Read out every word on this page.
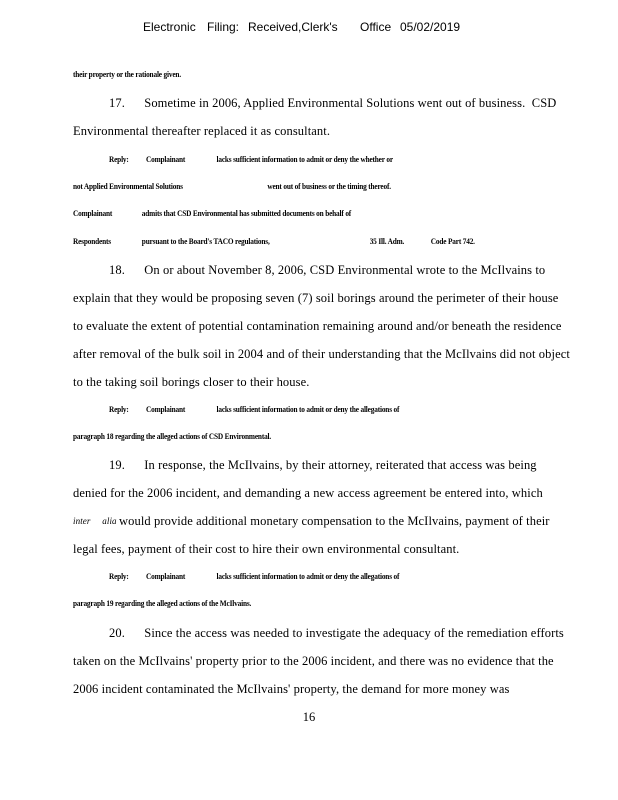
Electronic Filing: Received,Clerk's Office 05/02/2019
their property or the rationale given.
17.      Sometime in 2006, Applied Environmental Solutions went out of business.  CSD
Environmental thereafter replaced it as consultant.
Reply: Complainant	lacks sufficient information to admit or deny the whether or
not Applied Environmental Solutions	went out of business or the timing thereof.
Complainant	admits that CSD Environmental has submitted documents on behalf of
Respondents	pursuant to the Board's TACO regulations,	35 Ill. Adm.	Code Part 742.
18.      On or about November 8, 2006, CSD Environmental wrote to the McIlvains to
explain that they would be proposing seven (7) soil borings around the perimeter of their house
to evaluate the extent of potential contamination remaining around and/or beneath the residence
after removal of the bulk soil in 2004 and of their understanding that the McIlvains did not object
to the taking soil borings closer to their house.
Reply: Complainant	lacks sufficient information to admit or deny the allegations of
paragraph 18 regarding the alleged actions of CSD Environmental.
19.      In response, the McIlvains, by their attorney, reiterated that access was being
denied for the 2006 incident, and demanding a new access agreement be entered into, which
inter     alia would provide additional monetary compensation to the McIlvains, payment of their
legal fees, payment of their cost to hire their own environmental consultant.
Reply: Complainant	lacks sufficient information to admit or deny the allegations of
paragraph 19 regarding the alleged actions of the McIlvains.
20.      Since the access was needed to investigate the adequacy of the remediation efforts
taken on the McIlvains' property prior to the 2006 incident, and there was no evidence that the
2006 incident contaminated the McIlvains' property, the demand for more money was
16
